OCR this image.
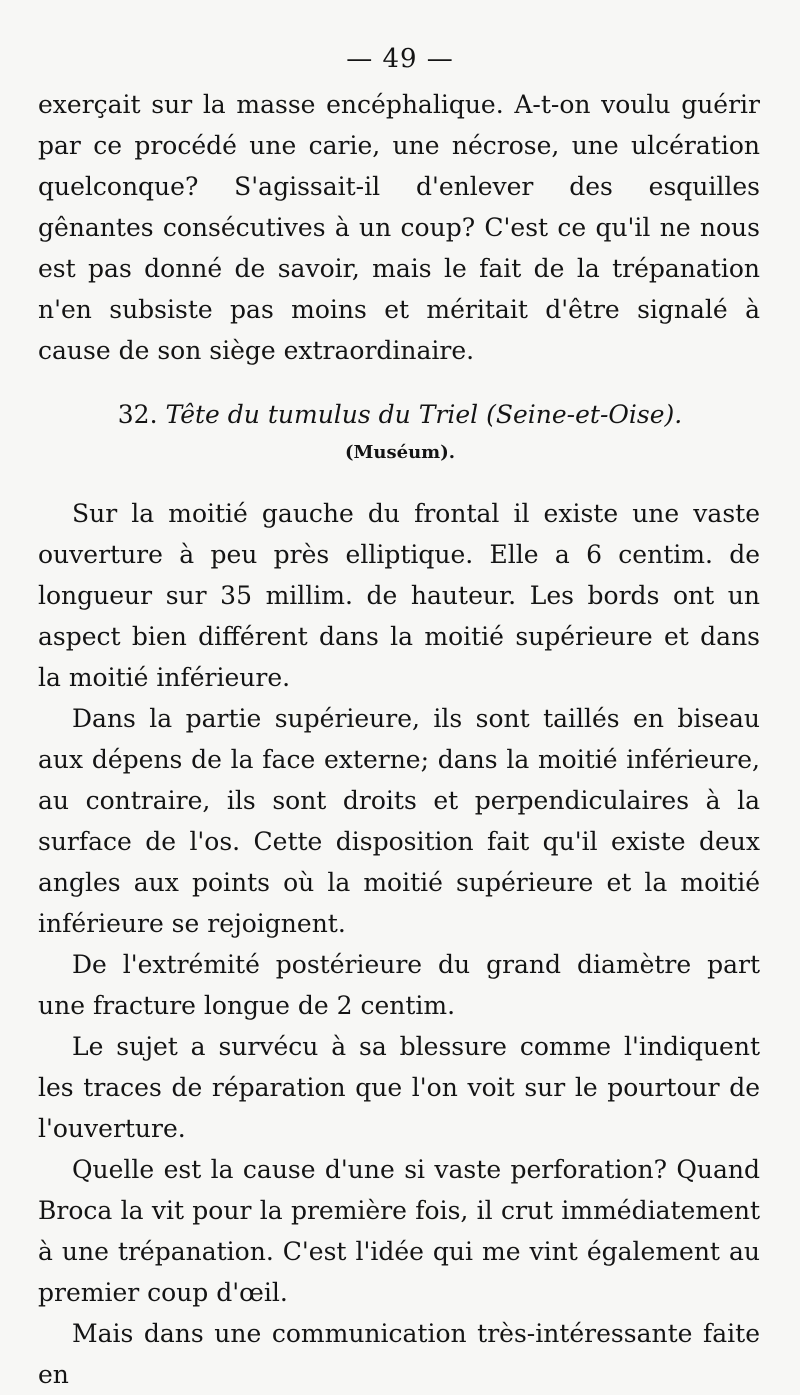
— 49 —

exerçait sur la masse encéphalique. A-t-on voulu guérir par ce procédé une carie, une nécrose, une ulcération quelconque? S'agissait-il d'enlever des esquilles gênantes consécutives à un coup? C'est ce qu'il ne nous est pas donné de savoir, mais le fait de la trépanation n'en subsiste pas moins et méritait d'être signalé à cause de son siège extraordinaire.

32. Tête du tumulus du Triel (Seine-et-Oise).
(Muséum).

Sur la moitié gauche du frontal il existe une vaste ouverture à peu près elliptique. Elle a 6 centim. de longueur sur 35 millim. de hauteur. Les bords ont un aspect bien différent dans la moitié supérieure et dans la moitié inférieure.

Dans la partie supérieure, ils sont taillés en biseau aux dépens de la face externe; dans la moitié inférieure, au contraire, ils sont droits et perpendiculaires à la surface de l'os. Cette disposition fait qu'il existe deux angles aux points où la moitié supérieure et la moitié inférieure se rejoignent.

De l'extrémité postérieure du grand diamètre part une fracture longue de 2 centim.

Le sujet a survécu à sa blessure comme l'indiquent les traces de réparation que l'on voit sur le pourtour de l'ouverture.

Quelle est la cause d'une si vaste perforation? Quand Broca la vit pour la première fois, il crut immédiatement à une trépanation. C'est l'idée qui me vint également au premier coup d'œil.

Mais dans une communication très-intéressante faite en
